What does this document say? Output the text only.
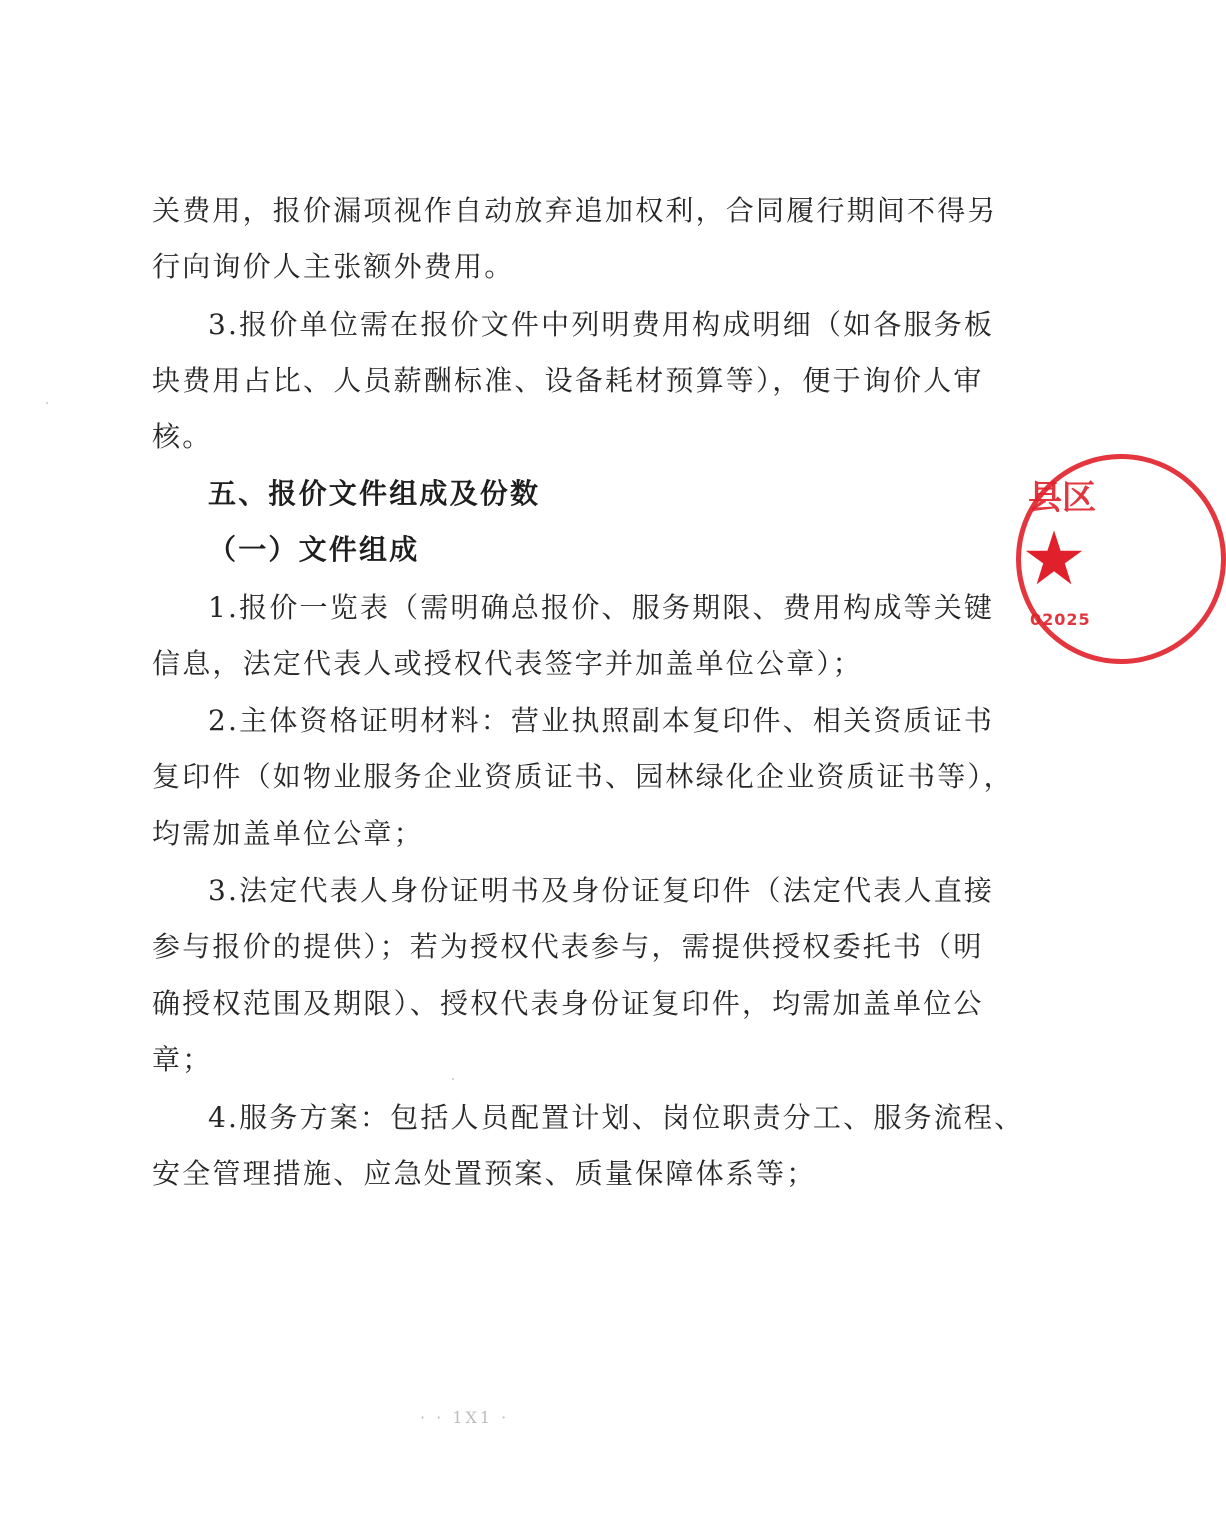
关费用，报价漏项视作自动放弃追加权利，合同履行期间不得另
行向询价人主张额外费用。
3.报价单位需在报价文件中列明费用构成明细（如各服务板
块费用占比、人员薪酬标准、设备耗材预算等），便于询价人审
核。
五、报价文件组成及份数
（一）文件组成
1.报价一览表（需明确总报价、服务期限、费用构成等关键
信息，法定代表人或授权代表签字并加盖单位公章）；
2.主体资格证明材料：营业执照副本复印件、相关资质证书
复印件（如物业服务企业资质证书、园林绿化企业资质证书等），
均需加盖单位公章；
3.法定代表人身份证明书及身份证复印件（法定代表人直接
参与报价的提供）；若为授权代表参与，需提供授权委托书（明
确授权范围及期限）、授权代表身份证复印件，均需加盖单位公
章；
4.服务方案：包括人员配置计划、岗位职责分工、服务流程、
安全管理措施、应急处置预案、质量保障体系等；
县区
02025
· · 1X1 ·
